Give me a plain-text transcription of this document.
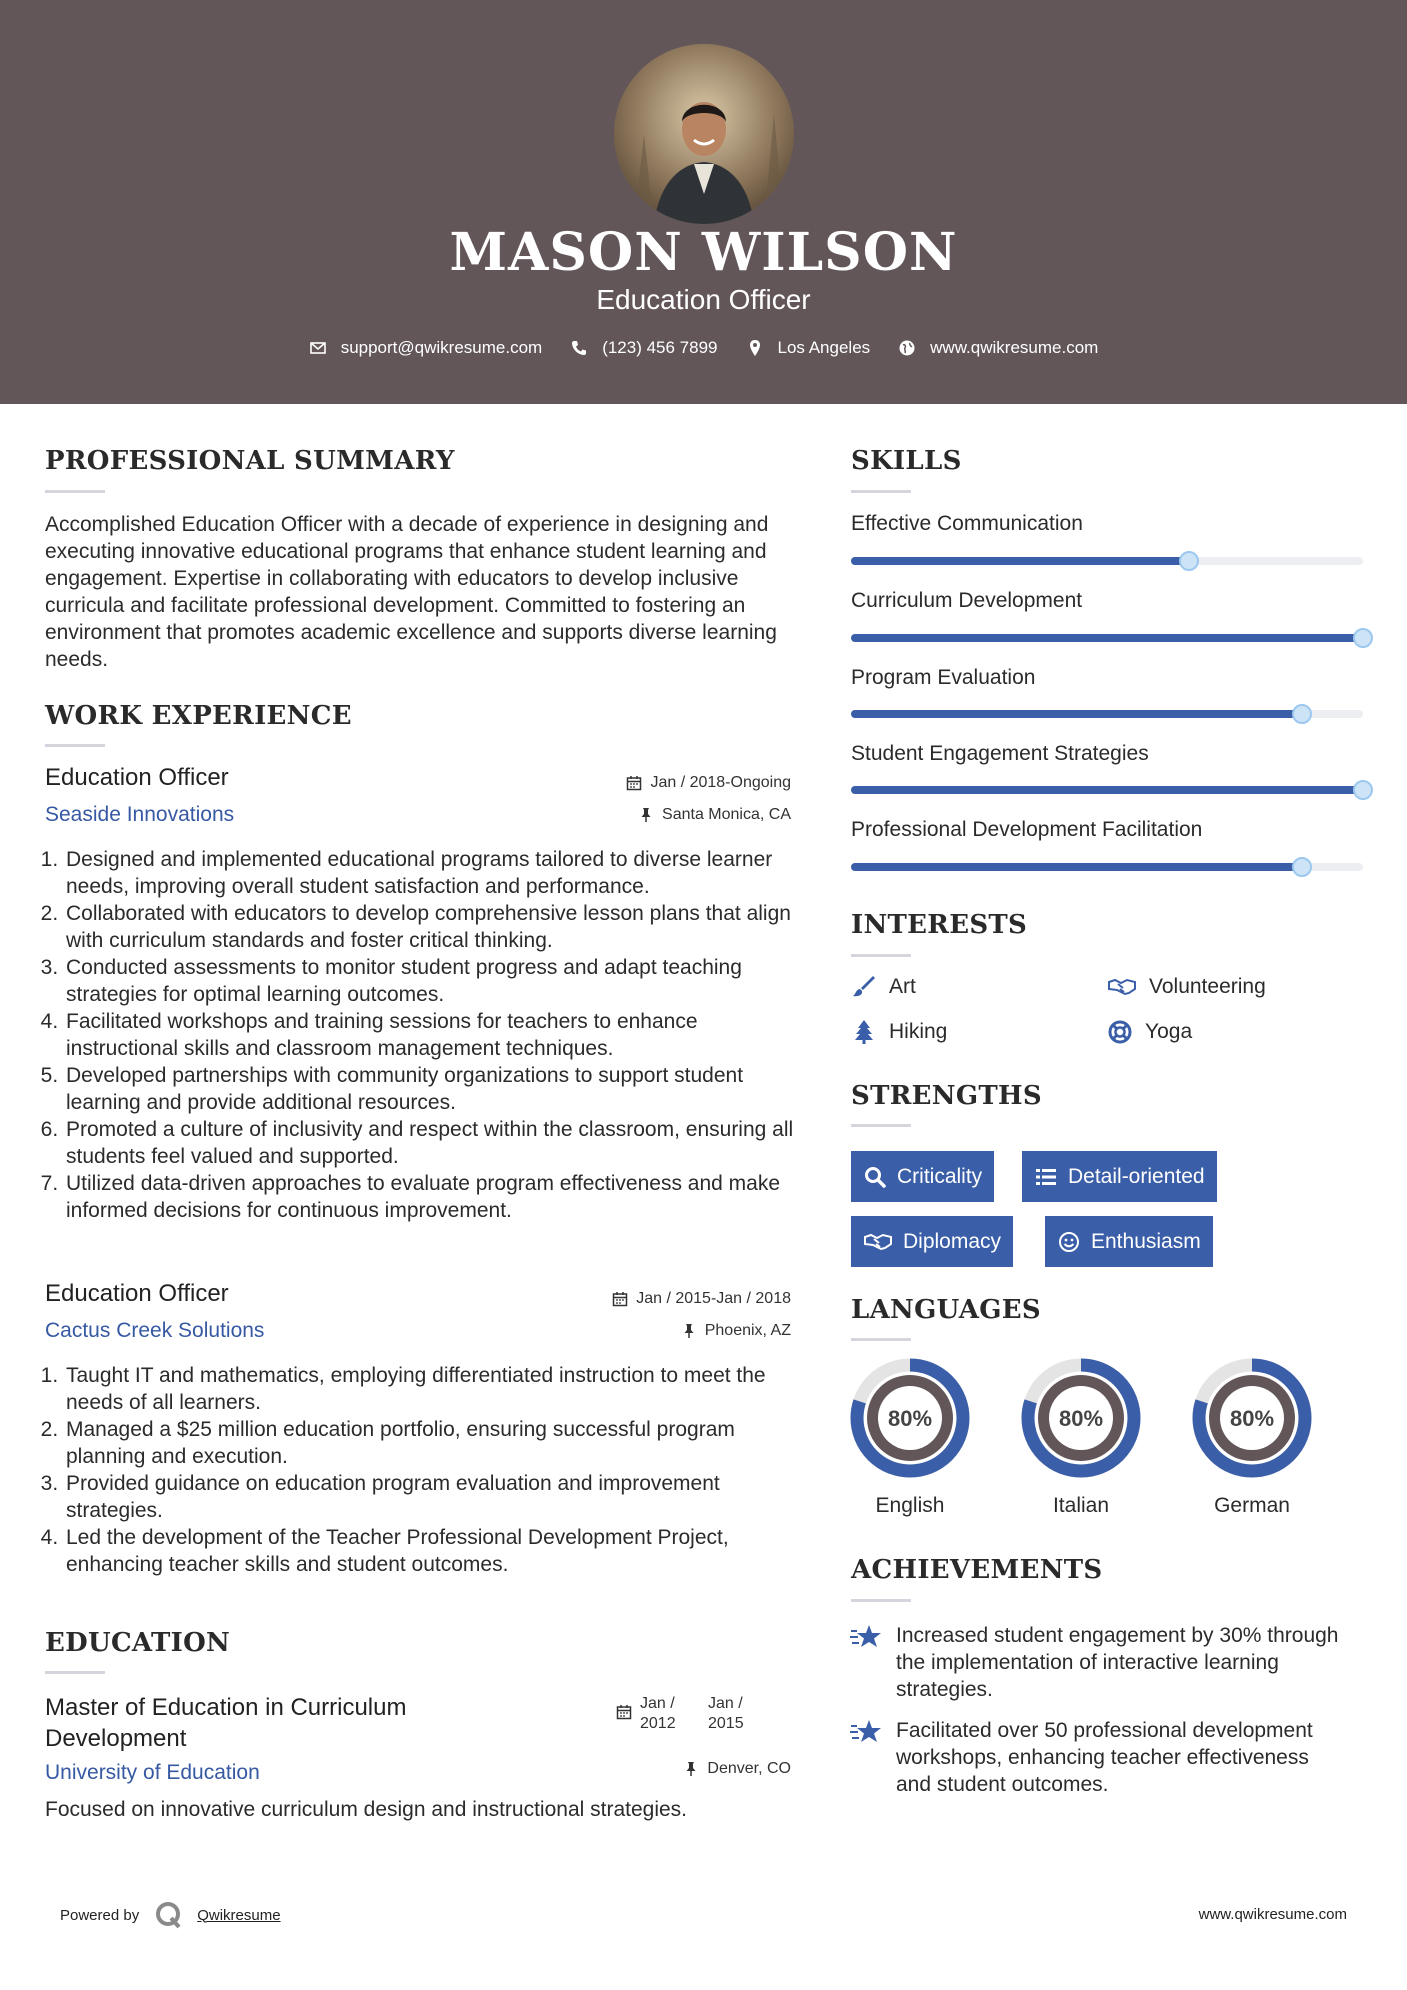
MASON WILSON
Education Officer
support@qwikresume.com	(123) 456 7899	Los Angeles	www.qwikresume.com
PROFESSIONAL SUMMARY
Accomplished Education Officer with a decade of experience in designing and executing innovative educational programs that enhance student learning and engagement. Expertise in collaborating with educators to develop inclusive curricula and facilitate professional development. Committed to fostering an environment that promotes academic excellence and supports diverse learning needs.
WORK EXPERIENCE
Education Officer
Seaside Innovations
Jan / 2018-Ongoing
Santa Monica, CA
1. Designed and implemented educational programs tailored to diverse learner needs, improving overall student satisfaction and performance.
2. Collaborated with educators to develop comprehensive lesson plans that align with curriculum standards and foster critical thinking.
3. Conducted assessments to monitor student progress and adapt teaching strategies for optimal learning outcomes.
4. Facilitated workshops and training sessions for teachers to enhance instructional skills and classroom management techniques.
5. Developed partnerships with community organizations to support student learning and provide additional resources.
6. Promoted a culture of inclusivity and respect within the classroom, ensuring all students feel valued and supported.
7. Utilized data-driven approaches to evaluate program effectiveness and make informed decisions for continuous improvement.
Education Officer
Cactus Creek Solutions
Jan / 2015-Jan / 2018
Phoenix, AZ
1. Taught IT and mathematics, employing differentiated instruction to meet the needs of all learners.
2. Managed a $25 million education portfolio, ensuring successful program planning and execution.
3. Provided guidance on education program evaluation and improvement strategies.
4. Led the development of the Teacher Professional Development Project, enhancing teacher skills and student outcomes.
EDUCATION
Master of Education in Curriculum Development
University of Education
Jan /
2012
Jan /
2015
Denver, CO
Focused on innovative curriculum design and instructional strategies.
SKILLS
Effective Communication
Curriculum Development
Program Evaluation
Student Engagement Strategies
Professional Development Facilitation
INTERESTS
Art	Volunteering
Hiking	Yoga
STRENGTHS
Criticality	Detail-oriented
Diplomacy	Enthusiasm
LANGUAGES
80%	80%	80%
English	Italian	German
ACHIEVEMENTS
Increased student engagement by 30% through the implementation of interactive learning strategies.
Facilitated over 50 professional development workshops, enhancing teacher effectiveness and student outcomes.
Powered by	Qwikresume	www.qwikresume.com
